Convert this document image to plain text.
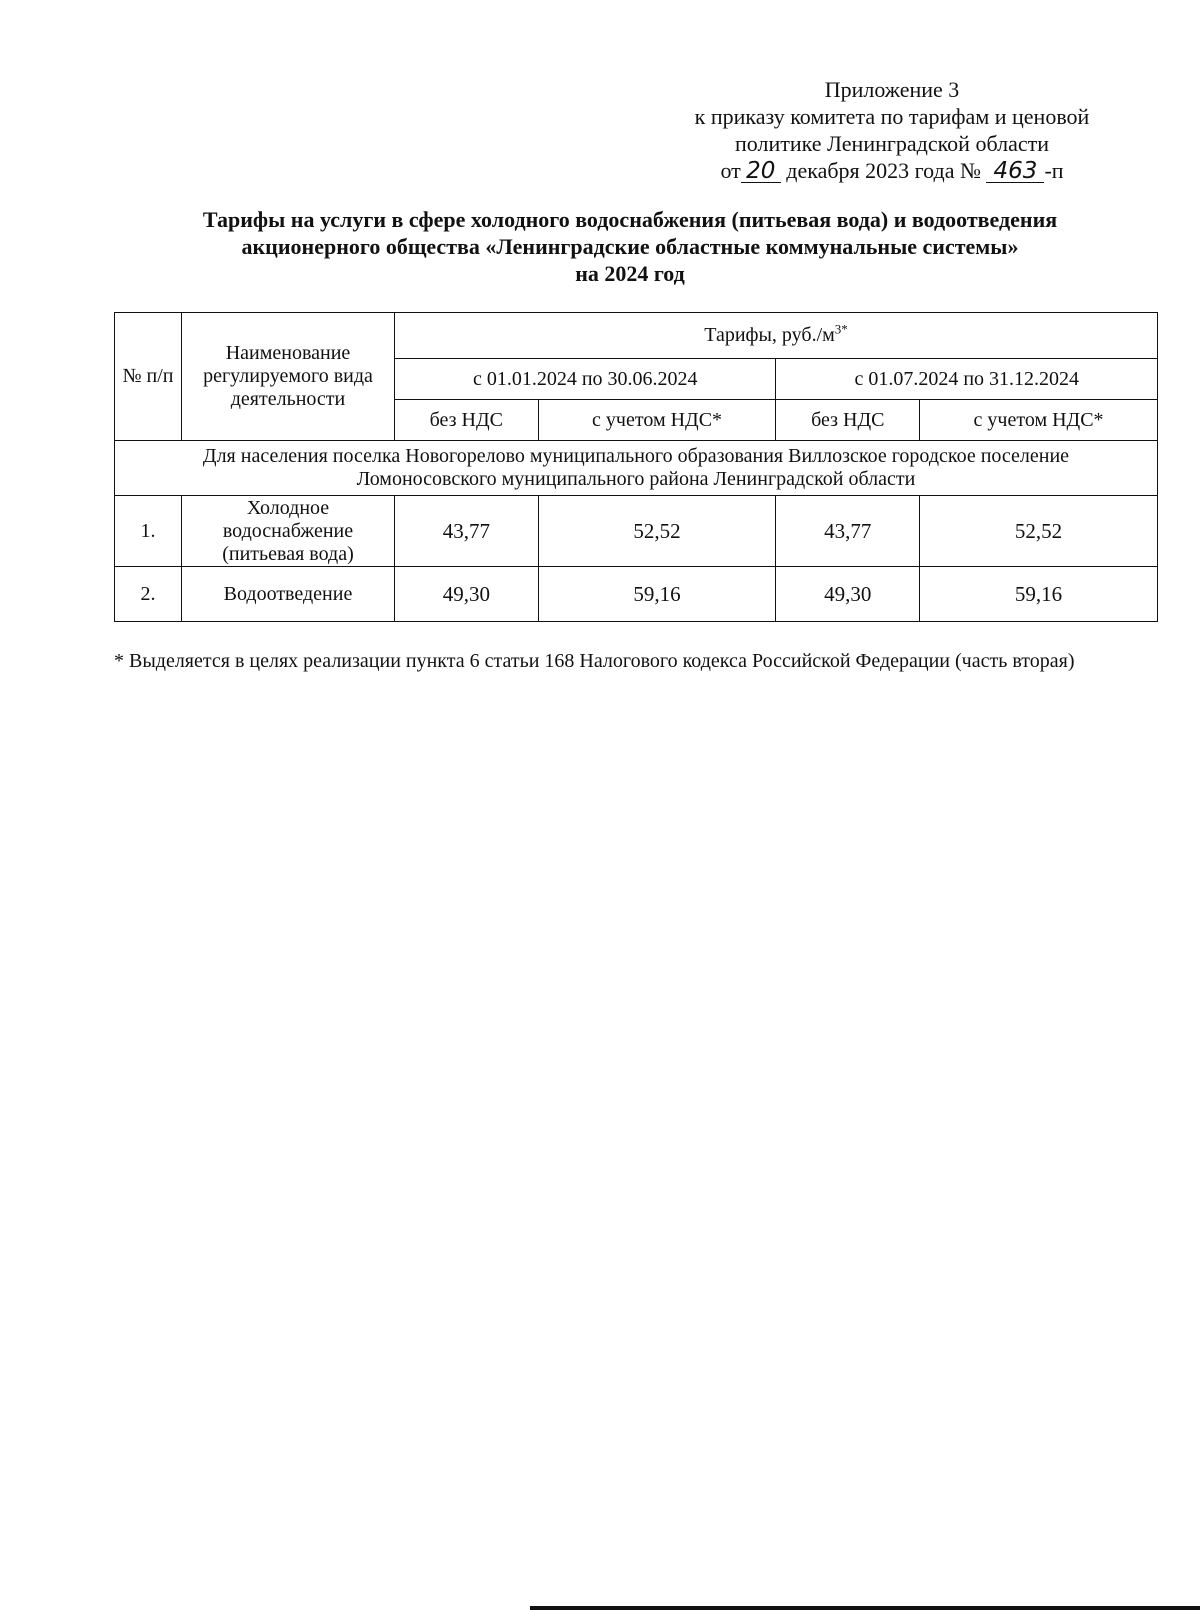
Приложение 3
к приказу комитета по тарифам и ценовой
политике Ленинградской области
от 20 декабря 2023 года № 463 -п
Тарифы на услуги в сфере холодного водоснабжения (питьевая вода) и водоотведения
акционерного общества «Ленинградские областные коммунальные системы»
на 2024 год
№ п/п	Наименование регулируемого вида деятельности	Тарифы, $руб./м^{3*}$
		с 01.01.2024 по 30.06.2024		с 01.07.2024 по 31.12.2024	
		без НДС	с учетом НДС*	без НДС	с учетом НДС*

Для населения поселка Новогорелово муниципального образования Виллозское городское поселение
Ломоносовского муниципального района Ленинградской области					

1.	Холодное водоснабжение (питьевая вода)	43,77	52,52	43,77	52,52
2.	Водоотведение	49,30	59,16	49,30	59,16
* Выделяется в целях реализации пункта 6 статьи 168 Налогового кодекса Российской Федерации (часть вторая)
